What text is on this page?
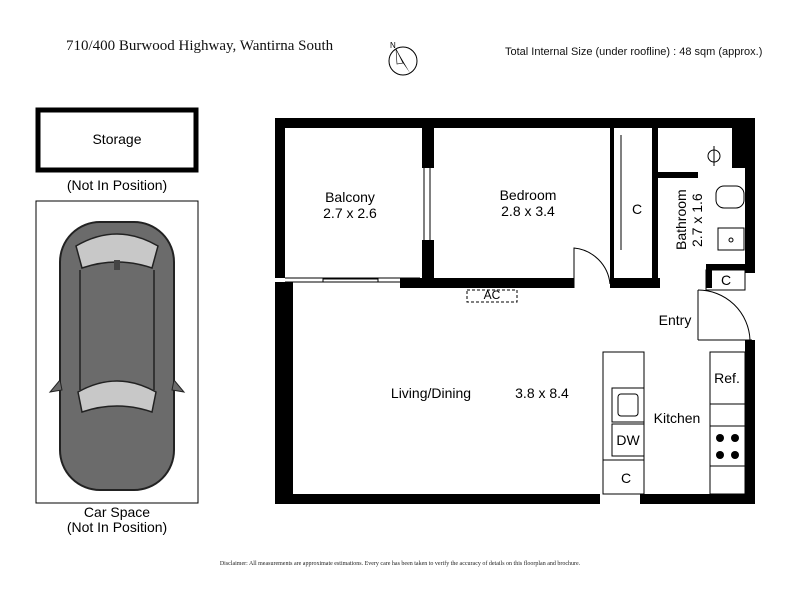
710/400 Burwood Highway, Wantirna South	Total Internal Size (under roofline) : 48 sqm (approx.)
N
Storage
(Not In Position)
Car Space
(Not In Position)
AC
Balcony
2.7 x 2.6
Bedroom
2.8 x 3.4	C Bathroom 2.7 x 1.6
C
Entry
Living/Dining	3.8 x 8.4
Ref.
Kitchen
DW
C
Disclaimer: All measurements are approximate estimations. Every care has been taken to verify the accuracy of details on this floorplan and brochure.
